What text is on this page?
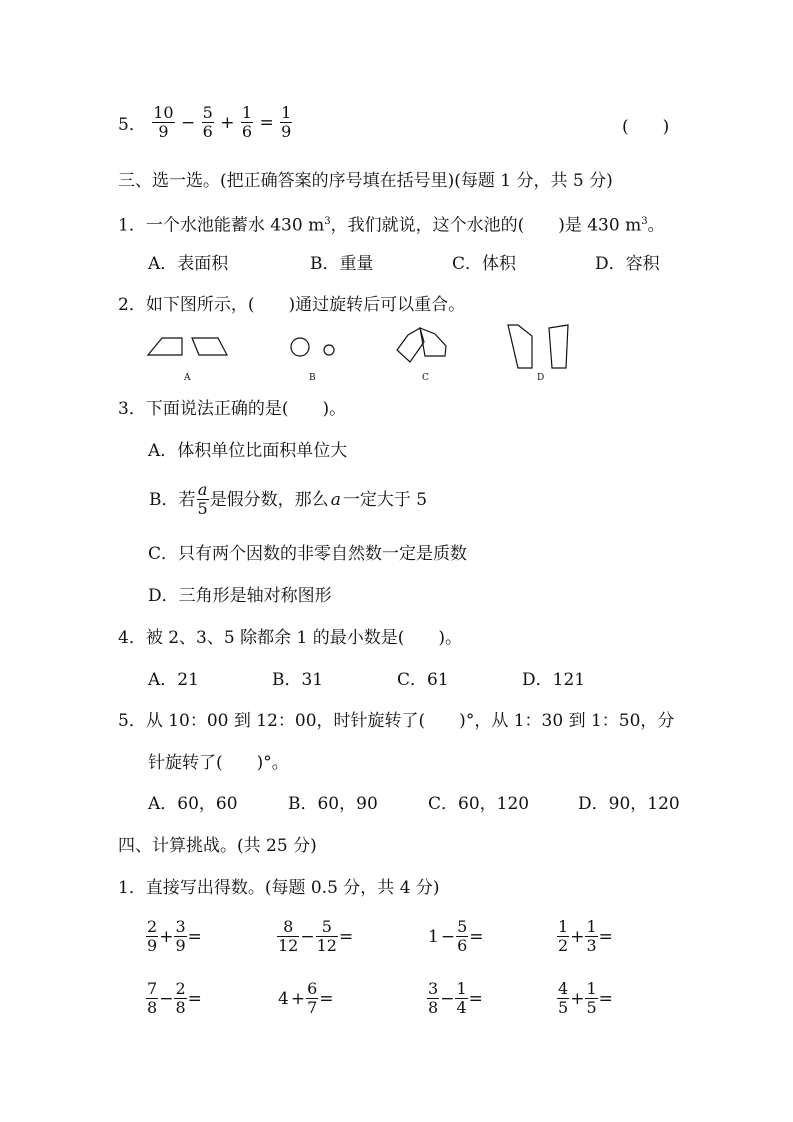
5． $\frac{10}{9} - \frac{5}{6} + \frac{1}{6} = \frac{1}{9}$	(　　)
三、选一选。(把正确答案的序号填在括号里)(每题 1 分，共 5 分)
1．一个水池能蓄水 430 $m^3$，我们就说，这个水池的(　　)是 430 $m^3$。
A．表面积	B．重量	C．体积	D．容积
2．如下图所示，(　　)通过旋转后可以重合。
A	B	C	D
3．下面说法正确的是(　　)。
A．体积单位比面积单位大
B．若 $\frac{a}{5}$ 是假分数，那么a一定大于 5
C．只有两个因数的非零自然数一定是质数
D．三角形是轴对称图形
4．被 2、3、5 除都余 1 的最小数是(　　)。
A．21	B．31	C．61	D．121
5．从 10：00 到 12：00，时针旋转了(　　)°，从 1：30 到 1：50，分
针旋转了(　　)°。
A．60，60	B．60，90	C．60，120	D．90，120
四、计算挑战。(共 25 分)
1．直接写出得数。(每题 0.5 分，共 4 分)
$\frac{2}{9} + \frac{3}{9}$ =	$\frac{8}{12} - \frac{5}{12}$ =	$1 - \frac{5}{6}$ =	$\frac{1}{2} + \frac{1}{3}$ =
$\frac{7}{8} - \frac{2}{8}$ =	$4 + \frac{6}{7}$ =	$\frac{3}{8} - \frac{1}{4}$ =	$\frac{4}{5} + \frac{1}{5}$ =
